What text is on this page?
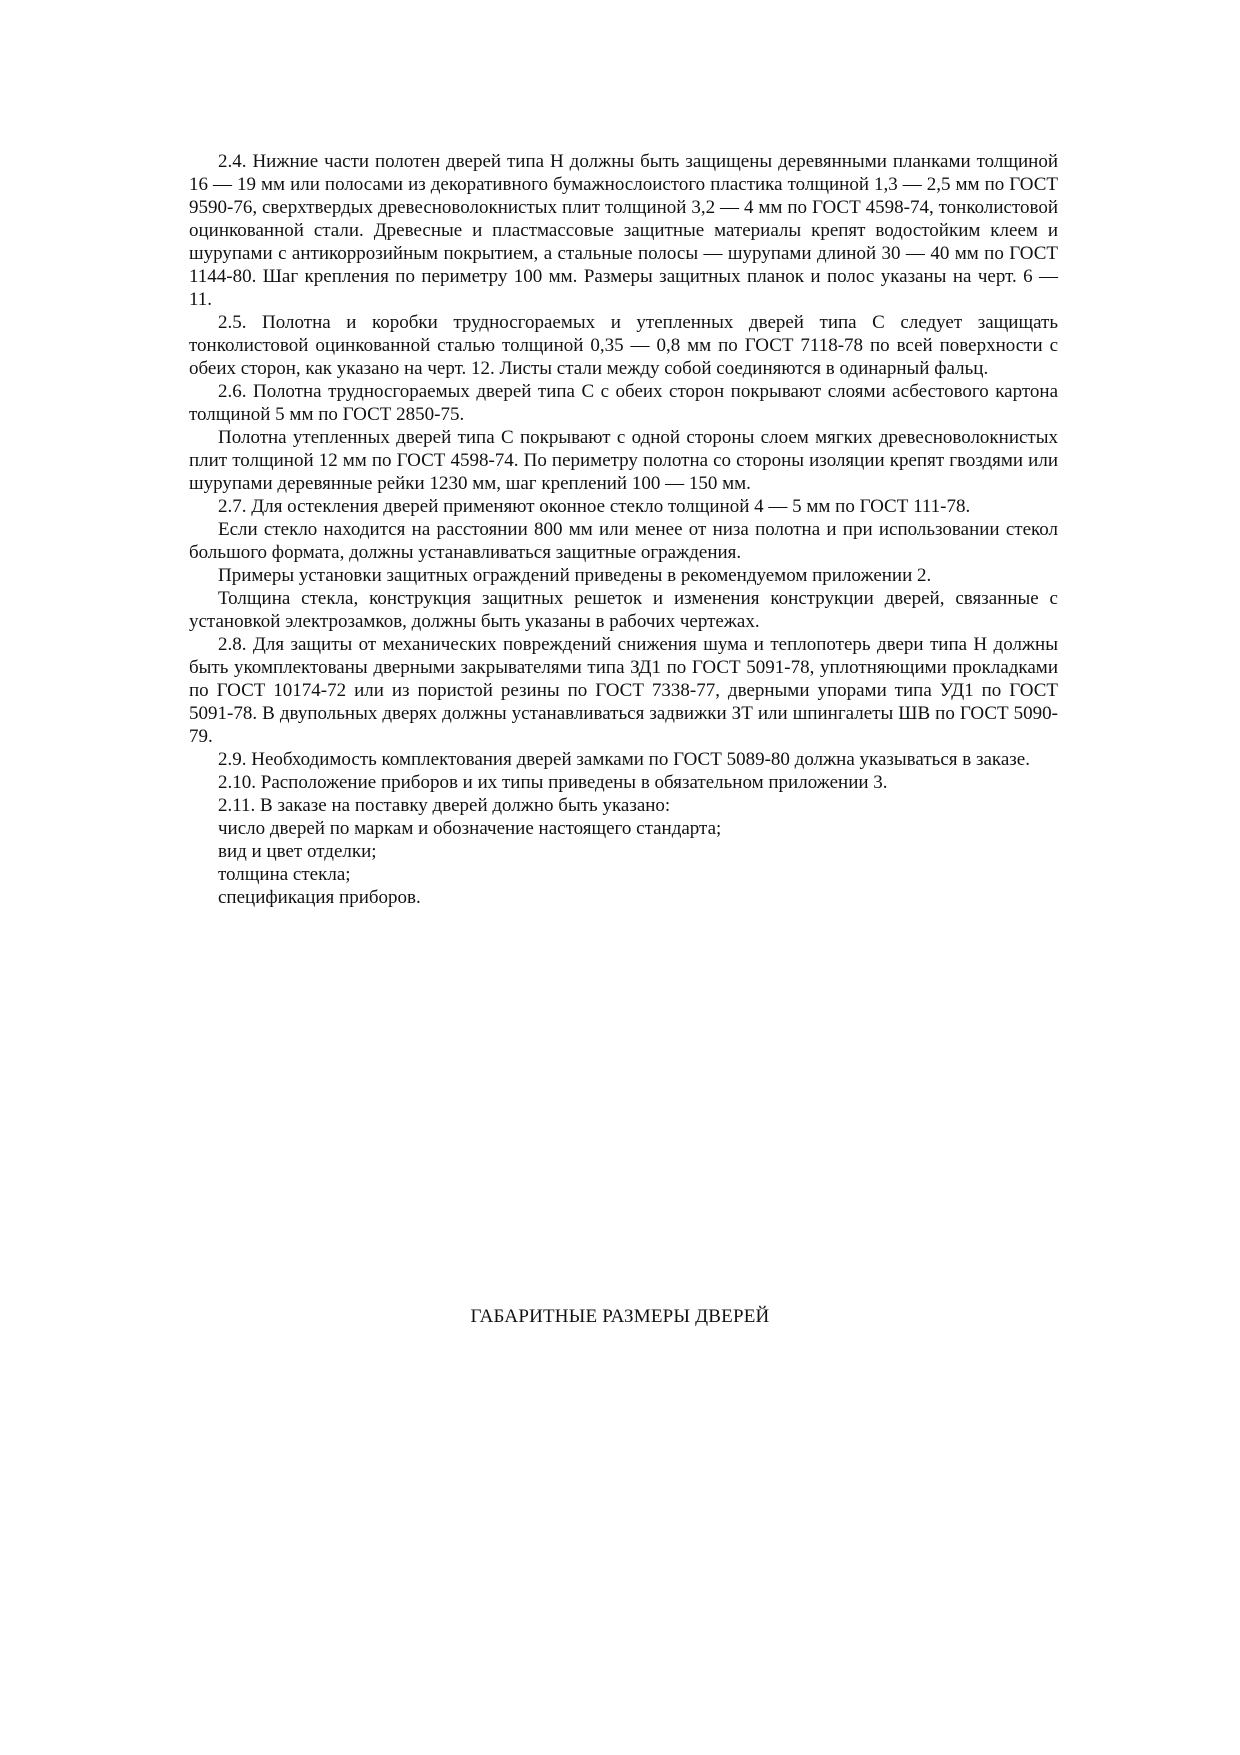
2.4. Нижние части полотен дверей типа Н должны быть защищены деревянными планками толщиной 16 — 19 мм или полосами из декоративного бумажнослоистого пластика толщиной 1,3 — 2,5 мм по ГОСТ 9590-76, сверхтвердых древесноволокнистых плит толщиной 3,2 — 4 мм по ГОСТ 4598-74, тонколистовой оцинкованной стали. Древесные и пластмассовые защитные материалы крепят водостойким клеем и шурупами с антикоррозийным покрытием, а стальные полосы — шурупами длиной 30 — 40 мм по ГОСТ 1144-80. Шаг крепления по периметру 100 мм. Размеры защитных планок и полос указаны на черт. 6 — 11.

2.5. Полотна и коробки трудносгораемых и утепленных дверей типа С следует защищать тонколистовой оцинкованной сталью толщиной 0,35 — 0,8 мм по ГОСТ 7118-78 по всей поверхности с обеих сторон, как указано на черт. 12. Листы стали между собой соединяются в одинарный фальц.

2.6. Полотна трудносгораемых дверей типа С с обеих сторон покрывают слоями асбестового картона толщиной 5 мм по ГОСТ 2850-75.

Полотна утепленных дверей типа С покрывают с одной стороны слоем мягких древесноволокнистых плит толщиной 12 мм по ГОСТ 4598-74. По периметру полотна со стороны изоляции крепят гвоздями или шурупами деревянные рейки 1230 мм, шаг креплений 100 — 150 мм.

2.7. Для остекления дверей применяют оконное стекло толщиной 4 — 5 мм по ГОСТ 111-78.

Если стекло находится на расстоянии 800 мм или менее от низа полотна и при использовании стекол большого формата, должны устанавливаться защитные ограждения.

Примеры установки защитных ограждений приведены в рекомендуемом приложении 2.

Толщина стекла, конструкция защитных решеток и изменения конструкции дверей, связанные с установкой электрозамков, должны быть указаны в рабочих чертежах.

2.8. Для защиты от механических повреждений снижения шума и теплопотерь двери типа Н должны быть укомплектованы дверными закрывателями типа ЗД1 по ГОСТ 5091-78, уплотняющими прокладками по ГОСТ 10174-72 или из пористой резины по ГОСТ 7338-77, дверными упорами типа УД1 по ГОСТ 5091-78. В двупольных дверях должны устанавливаться задвижки ЗТ или шпингалеты ШВ по ГОСТ 5090-79.

2.9. Необходимость комплектования дверей замками по ГОСТ 5089-80 должна указываться в заказе.

2.10. Расположение приборов и их типы приведены в обязательном приложении 3.

2.11. В заказе на поставку дверей должно быть указано:

число дверей по маркам и обозначение настоящего стандарта;

вид и цвет отделки;

толщина стекла;

спецификация приборов.

ГАБАРИТНЫЕ РАЗМЕРЫ ДВЕРЕЙ
